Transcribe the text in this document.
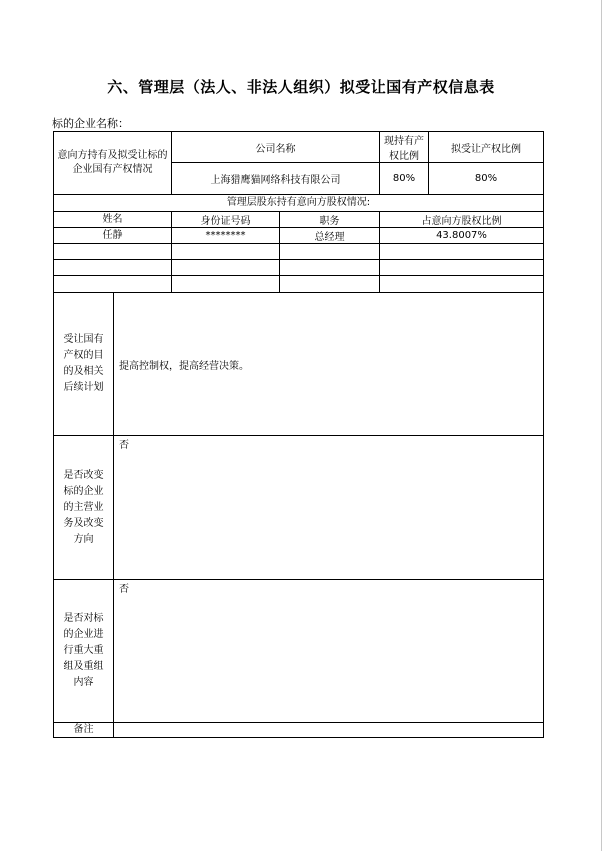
六、管理层（法人、非法人组织）拟受让国有产权信息表
标的企业名称：
意向方持有及拟受让标的企业国有产权情况		公司名称		现持有产权比例	拟受让产权比例
		上海猎鹰猫网络科技有限公司		80%	80%
管理层股东持有意向方股权情况:					
姓名		身份证号码	职务	占意向方股权比例	
任静		********	总经理	43.8007%	

受让国有产权的目的及相关后续计划	提高控制权，提高经营决策。				
是否改变标的企业的主营业务及改变方向	否				
是否对标的企业进行重大重组及重组内容	否				
备注					
